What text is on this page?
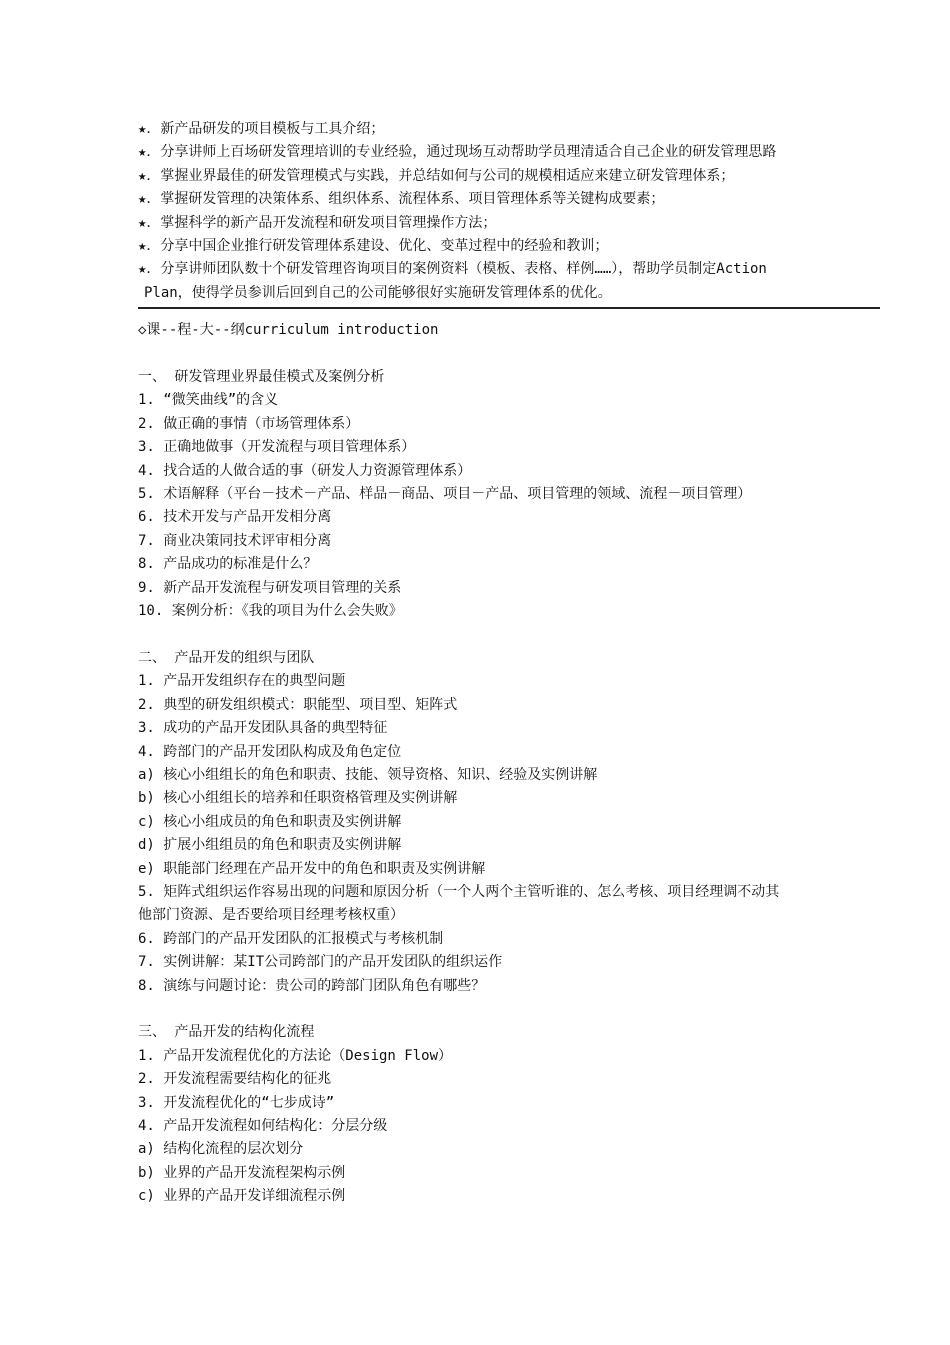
★．新产品研发的项目模板与工具介绍；
★．分享讲师上百场研发管理培训的专业经验，通过现场互动帮助学员理清适合自己企业的研发管理思路
★．掌握业界最佳的研发管理模式与实践，并总结如何与公司的规模相适应来建立研发管理体系；
★．掌握研发管理的决策体系、组织体系、流程体系、项目管理体系等关键构成要素；
★．掌握科学的新产品开发流程和研发项目管理操作方法；
★．分享中国企业推行研发管理体系建设、优化、变革过程中的经验和教训；
★．分享讲师团队数十个研发管理咨询项目的案例资料（模板、表格、样例……），帮助学员制定Action
Plan，使得学员参训后回到自己的公司能够很好实施研发管理体系的优化。
◇课--程-大--纲curriculum introduction
一、 研发管理业界最佳模式及案例分析
1. “微笑曲线”的含义
2. 做正确的事情（市场管理体系）
3. 正确地做事（开发流程与项目管理体系）
4. 找合适的人做合适的事（研发人力资源管理体系）
5. 术语解释（平台－技术－产品、样品－商品、项目－产品、项目管理的领域、流程－项目管理）
6. 技术开发与产品开发相分离
7. 商业决策同技术评审相分离
8. 产品成功的标准是什么？
9. 新产品开发流程与研发项目管理的关系
10. 案例分析：《我的项目为什么会失败》
二、 产品开发的组织与团队
1. 产品开发组织存在的典型问题
2. 典型的研发组织模式：职能型、项目型、矩阵式
3. 成功的产品开发团队具备的典型特征
4. 跨部门的产品开发团队构成及角色定位
a) 核心小组组长的角色和职责、技能、领导资格、知识、经验及实例讲解
b) 核心小组组长的培养和任职资格管理及实例讲解
c) 核心小组成员的角色和职责及实例讲解
d) 扩展小组组员的角色和职责及实例讲解
e) 职能部门经理在产品开发中的角色和职责及实例讲解
5. 矩阵式组织运作容易出现的问题和原因分析（一个人两个主管听谁的、怎么考核、项目经理调不动其
他部门资源、是否要给项目经理考核权重）
6. 跨部门的产品开发团队的汇报模式与考核机制
7. 实例讲解：某IT公司跨部门的产品开发团队的组织运作
8. 演练与问题讨论：贵公司的跨部门团队角色有哪些？
三、 产品开发的结构化流程
1. 产品开发流程优化的方法论（Design Flow）
2. 开发流程需要结构化的征兆
3. 开发流程优化的“七步成诗”
4. 产品开发流程如何结构化：分层分级
a) 结构化流程的层次划分
b) 业界的产品开发流程架构示例
c) 业界的产品开发详细流程示例
